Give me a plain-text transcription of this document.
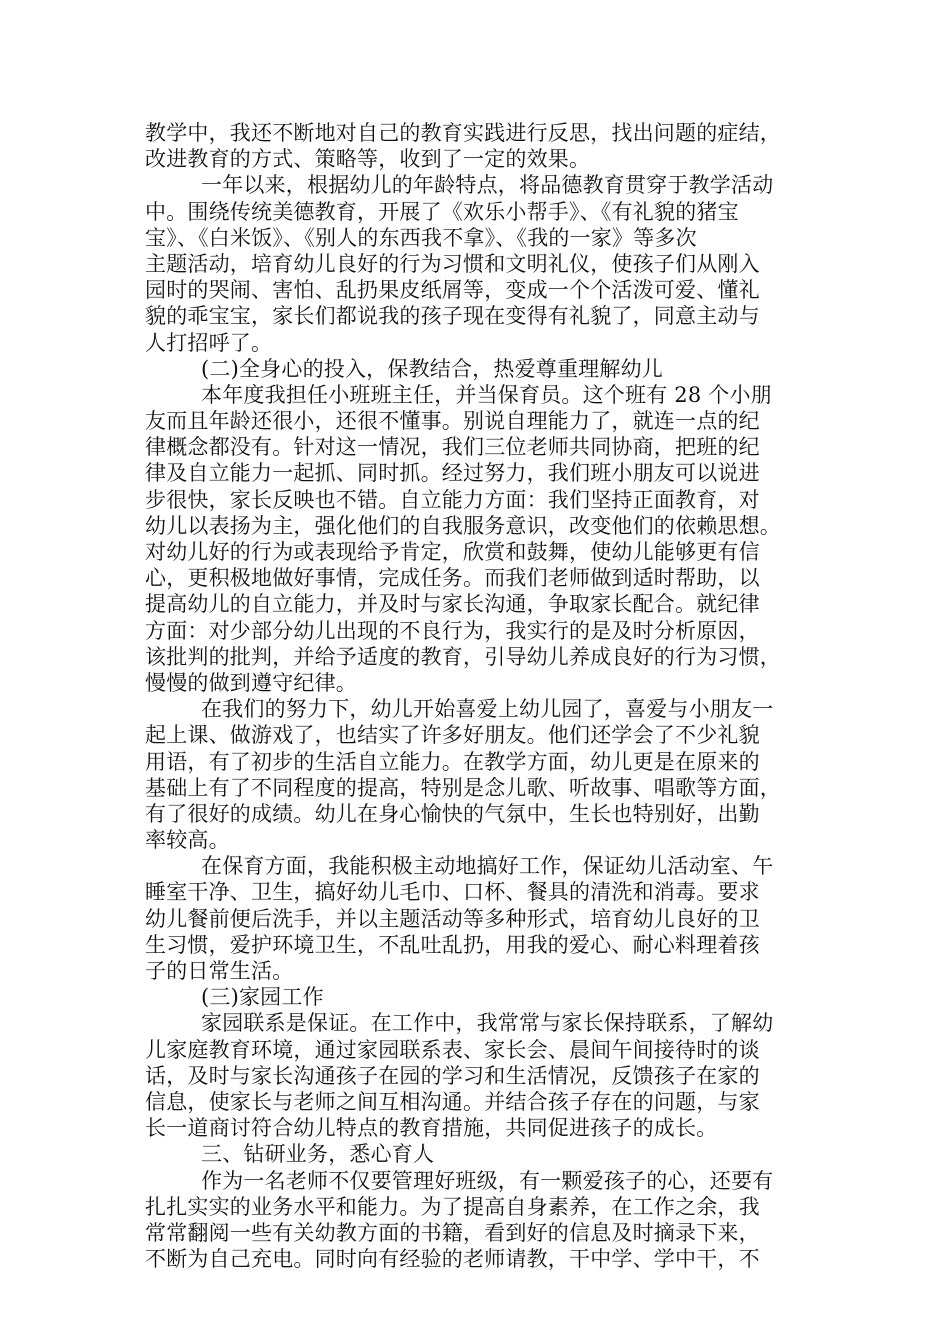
教学中，我还不断地对自己的教育实践进行反思，找出问题的症结，
改进教育的方式、策略等，收到了一定的效果。
一年以来，根据幼儿的年龄特点，将品德教育贯穿于教学活动
中。围绕传统美德教育，开展了《欢乐小帮手》、《有礼貌的猪宝
宝》、《白米饭》、《别人的东西我不拿》、《我的一家》等多次
主题活动，培育幼儿良好的行为习惯和文明礼仪，使孩子们从刚入
园时的哭闹、害怕、乱扔果皮纸屑等，变成一个个活泼可爱、懂礼
貌的乖宝宝，家长们都说我的孩子现在变得有礼貌了，同意主动与
人打招呼了。
(二)全身心的投入，保教结合，热爱尊重理解幼儿
本年度我担任小班班主任，并当保育员。这个班有 28 个小朋
友而且年龄还很小，还很不懂事。别说自理能力了，就连一点的纪
律概念都没有。针对这一情况，我们三位老师共同协商，把班的纪
律及自立能力一起抓、同时抓。经过努力，我们班小朋友可以说进
步很快，家长反映也不错。自立能力方面：我们坚持正面教育，对
幼儿以表扬为主，强化他们的自我服务意识，改变他们的依赖思想。
对幼儿好的行为或表现给予肯定，欣赏和鼓舞，使幼儿能够更有信
心，更积极地做好事情，完成任务。而我们老师做到适时帮助，以
提高幼儿的自立能力，并及时与家长沟通，争取家长配合。就纪律
方面：对少部分幼儿出现的不良行为，我实行的是及时分析原因，
该批判的批判，并给予适度的教育，引导幼儿养成良好的行为习惯，
慢慢的做到遵守纪律。
在我们的努力下，幼儿开始喜爱上幼儿园了，喜爱与小朋友一
起上课、做游戏了，也结实了许多好朋友。他们还学会了不少礼貌
用语，有了初步的生活自立能力。在教学方面，幼儿更是在原来的
基础上有了不同程度的提高，特别是念儿歌、听故事、唱歌等方面，
有了很好的成绩。幼儿在身心愉快的气氛中，生长也特别好，出勤
率较高。
在保育方面，我能积极主动地搞好工作，保证幼儿活动室、午
睡室干净、卫生，搞好幼儿毛巾、口杯、餐具的清洗和消毒。要求
幼儿餐前便后洗手，并以主题活动等多种形式，培育幼儿良好的卫
生习惯，爱护环境卫生，不乱吐乱扔，用我的爱心、耐心料理着孩
子的日常生活。
(三)家园工作
家园联系是保证。在工作中，我常常与家长保持联系，了解幼
儿家庭教育环境，通过家园联系表、家长会、晨间午间接待时的谈
话，及时与家长沟通孩子在园的学习和生活情况，反馈孩子在家的
信息，使家长与老师之间互相沟通。并结合孩子存在的问题，与家
长一道商讨符合幼儿特点的教育措施，共同促进孩子的成长。
三、钻研业务，悉心育人
作为一名老师不仅要管理好班级，有一颗爱孩子的心，还要有
扎扎实实的业务水平和能力。为了提高自身素养，在工作之余，我
常常翻阅一些有关幼教方面的书籍，看到好的信息及时摘录下来，
不断为自己充电。同时向有经验的老师请教，干中学、学中干，不
